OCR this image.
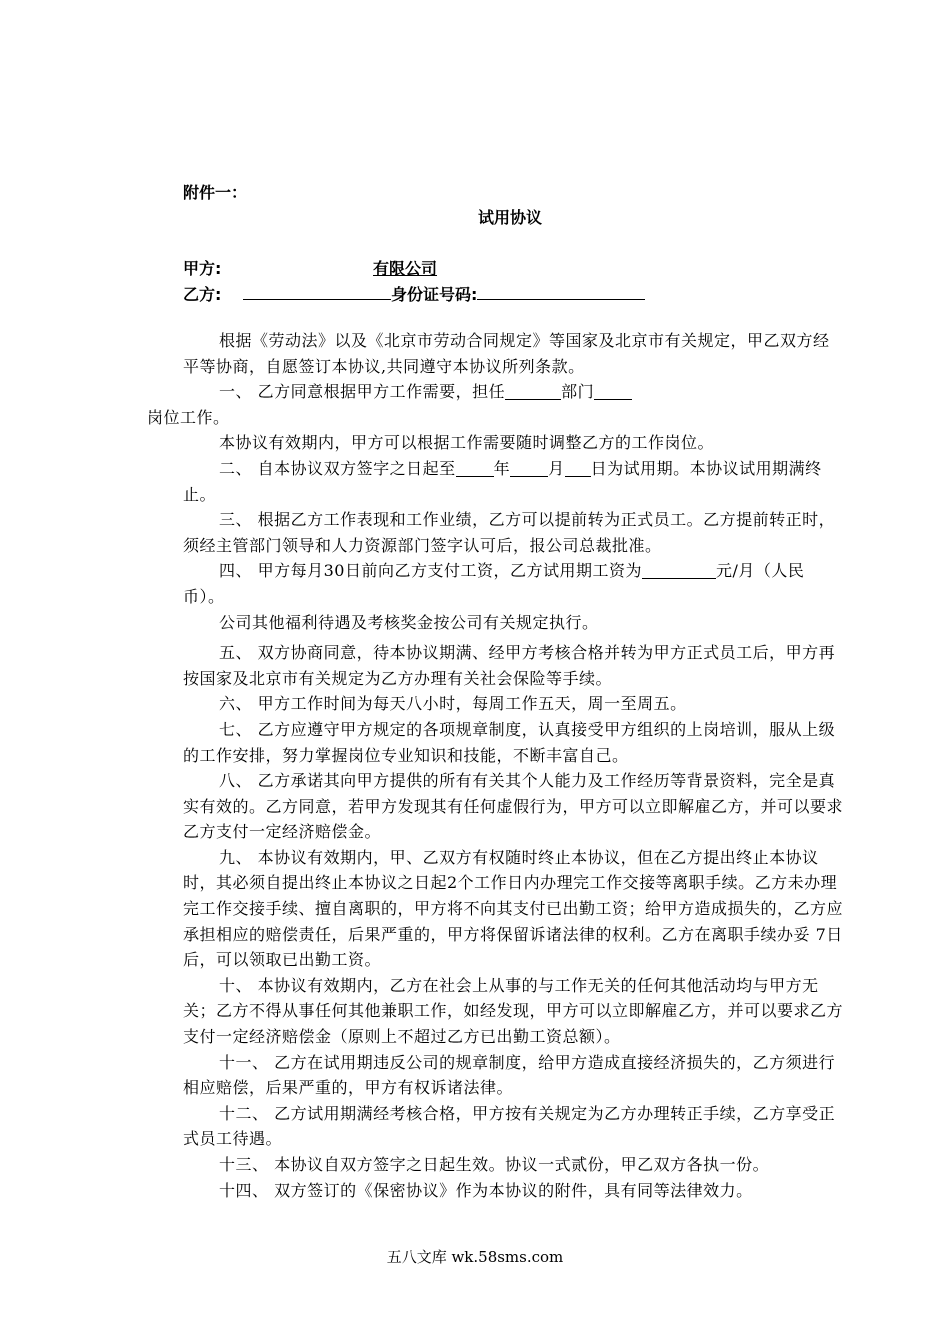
附件一：
试用协议
甲方:	有限公司
乙方:	身份证号码:

根据《劳动法》以及《北京市劳动合同规定》等国家及北京市有关规定，甲乙双方经平等协商，自愿签订本协议,共同遵守本协议所列条款。

一、 乙方同意根据甲方工作需要，担任	部门
岗位工作。

本协议有效期内，甲方可以根据工作需要随时调整乙方的工作岗位。

二、 自本协议双方签字之日起至 年 月 日为试用期。本协议试用期满终止。

三、 根据乙方工作表现和工作业绩，乙方可以提前转为正式员工。乙方提前转正时，须经主管部门领导和人力资源部门签字认可后，报公司总裁批准。

四、 甲方每月30日前向乙方支付工资，乙方试用期工资为	元/月（人民币）。

公司其他福利待遇及考核奖金按公司有关规定执行。

五、 双方协商同意，待本协议期满、经甲方考核合格并转为甲方正式员工后，甲方再按国家及北京市有关规定为乙方办理有关社会保险等手续。

六、 甲方工作时间为每天八小时，每周工作五天，周一至周五。

七、 乙方应遵守甲方规定的各项规章制度，认真接受甲方组织的上岗培训，服从上级的工作安排，努力掌握岗位专业知识和技能，不断丰富自己。

八、 乙方承诺其向甲方提供的所有有关其个人能力及工作经历等背景资料，完全是真实有效的。乙方同意，若甲方发现其有任何虚假行为，甲方可以立即解雇乙方，并可以要求乙方支付一定经济赔偿金。

九、 本协议有效期内，甲、乙双方有权随时终止本协议，但在乙方提出终止本协议时，其必须自提出终止本协议之日起2个工作日内办理完工作交接等离职手续。乙方未办理完工作交接手续、擅自离职的，甲方将不向其支付已出勤工资；给甲方造成损失的，乙方应承担相应的赔偿责任，后果严重的，甲方将保留诉诸法律的权利。乙方在离职手续办妥 7日后，可以领取已出勤工资。

十、 本协议有效期内，乙方在社会上从事的与工作无关的任何其他活动均与甲方无关；乙方不得从事任何其他兼职工作，如经发现，甲方可以立即解雇乙方，并可以要求乙方支付一定经济赔偿金（原则上不超过乙方已出勤工资总额）。

十一、 乙方在试用期违反公司的规章制度，给甲方造成直接经济损失的，乙方须进行相应赔偿，后果严重的，甲方有权诉诸法律。

十二、 乙方试用期满经考核合格，甲方按有关规定为乙方办理转正手续，乙方享受正式员工待遇。

十三、 本协议自双方签字之日起生效。协议一式贰份，甲乙双方各执一份。

十四、 双方签订的《保密协议》作为本协议的附件，具有同等法律效力。

五八文库 wk.58sms.com
